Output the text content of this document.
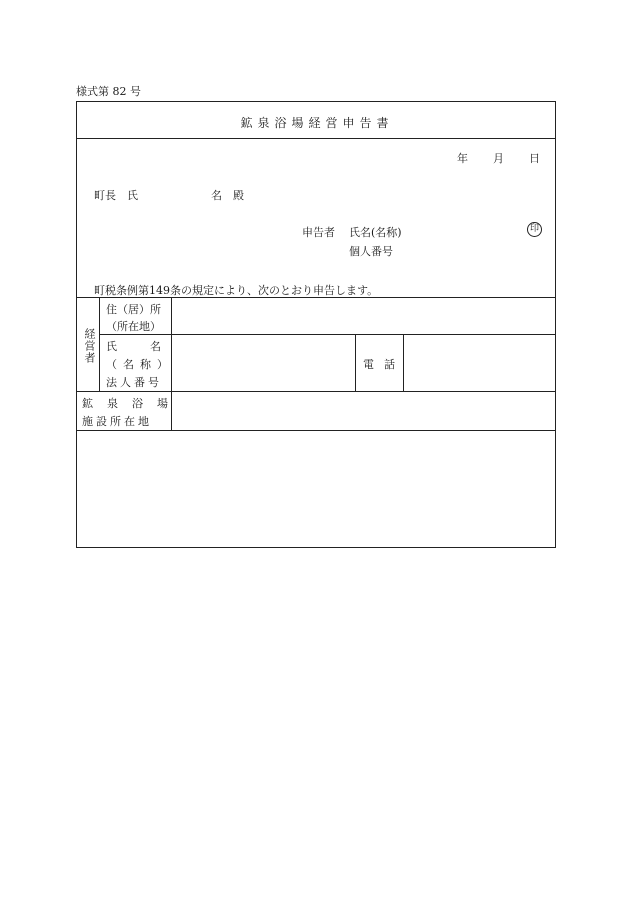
様式第 82 号
鉱泉浴場経営申告書
年 月 日
町長　氏	名　殿
申告者 氏名(名称)
個人番号
町税条例第149条の規定により、次のとおり申告します。
経営者
住（居）所
（所在地）
氏名
（名称）
法人番号
電話
鉱泉浴場
施設所在地
印
